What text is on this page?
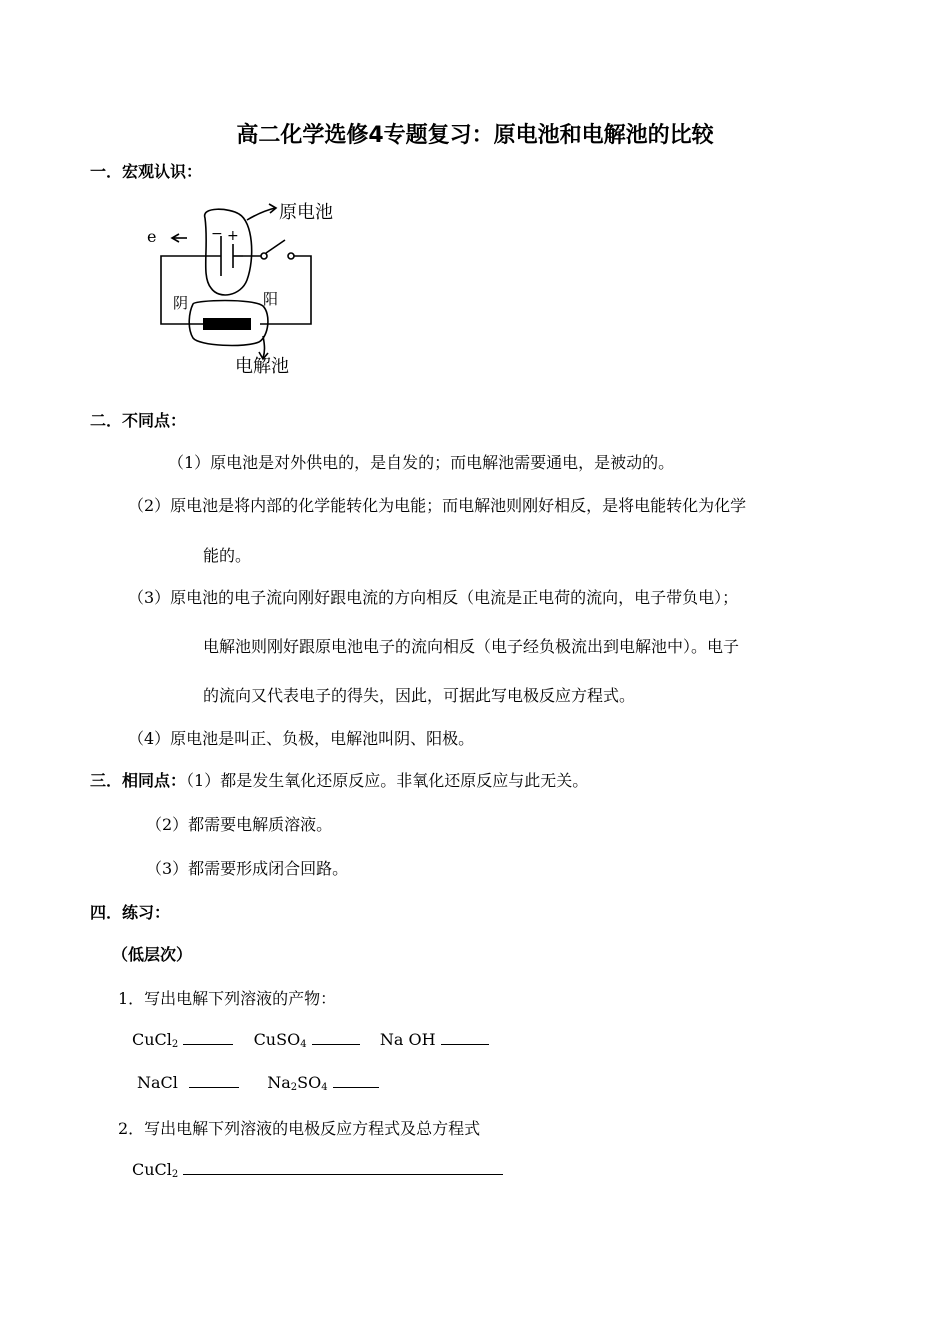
高二化学选修4专题复习：原电池和电解池的比较
一．宏观认识：
e	− +
原电池
阴	阳
电解池
二．不同点：
（1）原电池是对外供电的，是自发的；而电解池需要通电，是被动的。
（2）原电池是将内部的化学能转化为电能；而电解池则刚好相反，是将电能转化为化学
能的。
（3）原电池的电子流向刚好跟电流的方向相反（电流是正电荷的流向，电子带负电）；
电解池则刚好跟原电池电子的流向相反（电子经负极流出到电解池中）。电子
的流向又代表电子的得失，因此，可据此写电极反应方程式。
（4）原电池是叫正、负极，电解池叫阴、阳极。
三．相同点：（1）都是发生氧化还原反应。非氧化还原反应与此无关。
（2）都需要电解质溶液。
（3）都需要形成闭合回路。
四．练习：
（低层次）
1．写出电解下列溶液的产物：
CuCl$_2$	CuSO$_4$	Na OH
NaCl	$Na_2SO_4$
2．写出电解下列溶液的电极反应方程式及总方程式
CuCl$_2$
